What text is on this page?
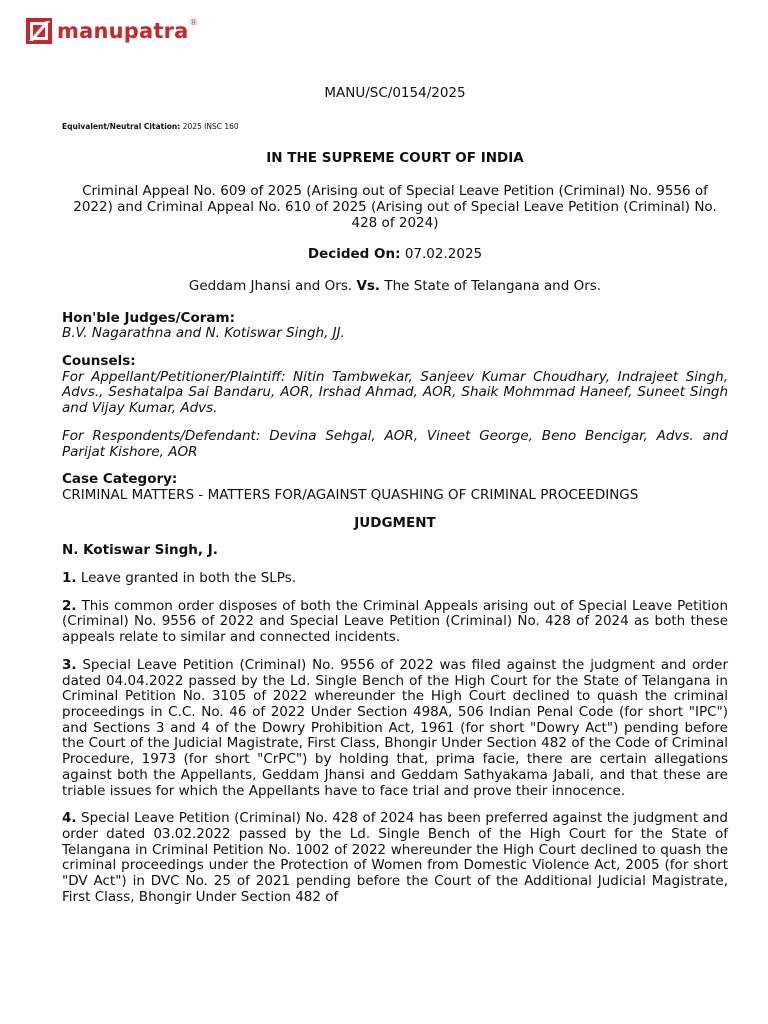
manupatra ®

MANU/SC/0154/2025

Equivalent/Neutral Citation: 2025 INSC 160

IN THE SUPREME COURT OF INDIA

Criminal Appeal No. 609 of 2025 (Arising out of Special Leave Petition (Criminal) No. 9556 of 2022) and Criminal Appeal No. 610 of 2025 (Arising out of Special Leave Petition (Criminal) No. 428 of 2024)

Decided On: 07.02.2025

Geddam Jhansi and Ors. Vs. The State of Telangana and Ors.

Hon'ble Judges/Coram:

B.V. Nagarathna and N. Kotiswar Singh, JJ.

Counsels:

For Appellant/Petitioner/Plaintiff: Nitin Tambwekar, Sanjeev Kumar Choudhary, Indrajeet Singh, Advs., Seshatalpa Sai Bandaru, AOR, Irshad Ahmad, AOR, Shaik Mohmmad Haneef, Suneet Singh and Vijay Kumar, Advs.

For Respondents/Defendant: Devina Sehgal, AOR, Vineet George, Beno Bencigar, Advs. and Parijat Kishore, AOR

Case Category:

CRIMINAL MATTERS - MATTERS FOR/AGAINST QUASHING OF CRIMINAL PROCEEDINGS

JUDGMENT

N. Kotiswar Singh, J.

1. Leave granted in both the SLPs.

2. This common order disposes of both the Criminal Appeals arising out of Special Leave Petition (Criminal) No. 9556 of 2022 and Special Leave Petition (Criminal) No. 428 of 2024 as both these appeals relate to similar and connected incidents.

3. Special Leave Petition (Criminal) No. 9556 of 2022 was filed against the judgment and order dated 04.04.2022 passed by the Ld. Single Bench of the High Court for the State of Telangana in Criminal Petition No. 3105 of 2022 whereunder the High Court declined to quash the criminal proceedings in C.C. No. 46 of 2022 Under Section 498A, 506 Indian Penal Code (for short "IPC") and Sections 3 and 4 of the Dowry Prohibition Act, 1961 (for short "Dowry Act") pending before the Court of the Judicial Magistrate, First Class, Bhongir Under Section 482 of the Code of Criminal Procedure, 1973 (for short "CrPC") by holding that, prima facie, there are certain allegations against both the Appellants, Geddam Jhansi and Geddam Sathyakama Jabali, and that these are triable issues for which the Appellants have to face trial and prove their innocence.

4. Special Leave Petition (Criminal) No. 428 of 2024 has been preferred against the judgment and order dated 03.02.2022 passed by the Ld. Single Bench of the High Court for the State of Telangana in Criminal Petition No. 1002 of 2022 whereunder the High Court declined to quash the criminal proceedings under the Protection of Women from Domestic Violence Act, 2005 (for short "DV Act") in DVC No. 25 of 2021 pending before the Court of the Additional Judicial Magistrate, First Class, Bhongir Under Section 482 of
